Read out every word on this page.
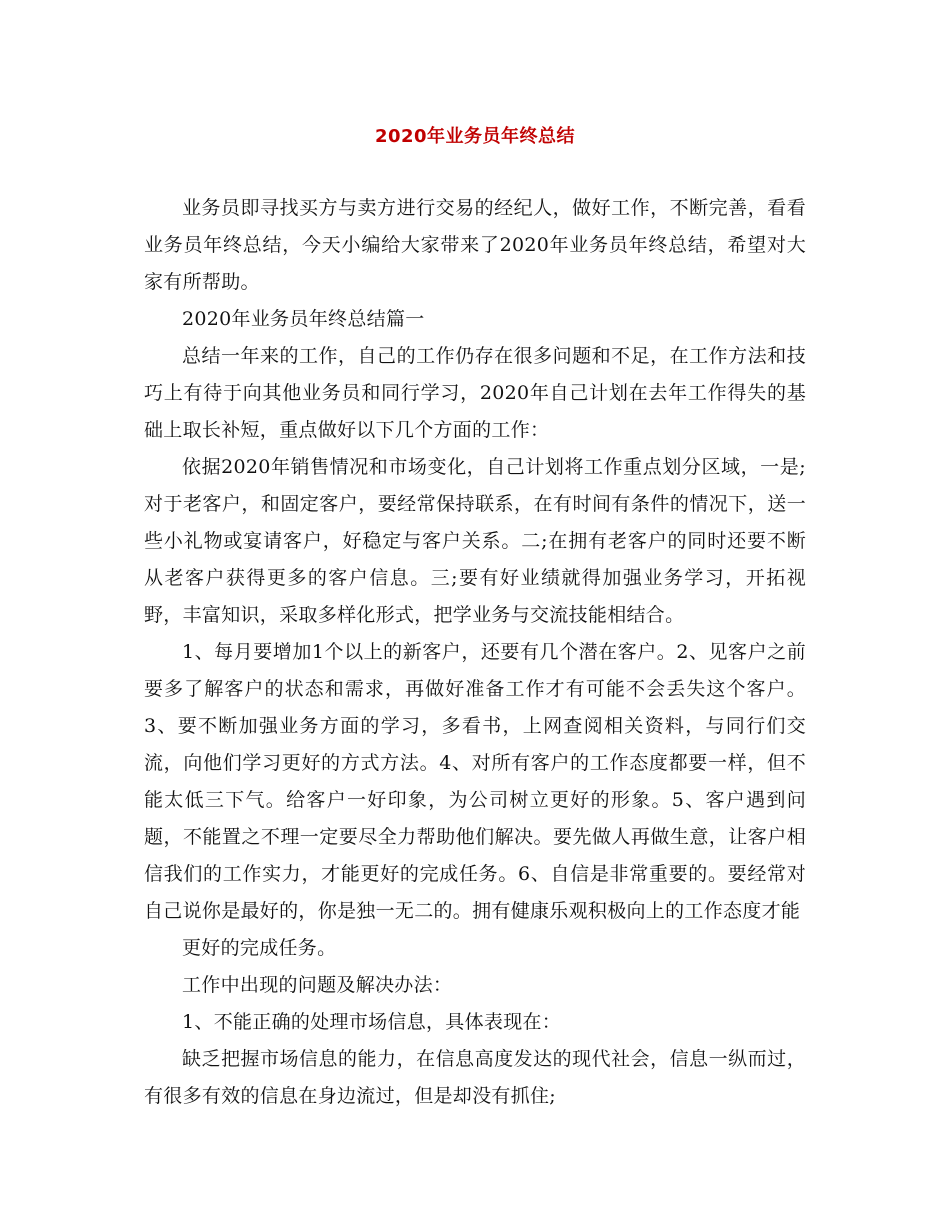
2020年业务员年终总结

业务员即寻找买方与卖方进行交易的经纪人，做好工作，不断完善，看看业务员年终总结，今天小编给大家带来了2020年业务员年终总结，希望对大家有所帮助。

2020年业务员年终总结篇一

总结一年来的工作，自己的工作仍存在很多问题和不足，在工作方法和技巧上有待于向其他业务员和同行学习，2020年自己计划在去年工作得失的基础上取长补短，重点做好以下几个方面的工作：

依据2020年销售情况和市场变化，自己计划将工作重点划分区域，一是;对于老客户，和固定客户，要经常保持联系，在有时间有条件的情况下，送一些小礼物或宴请客户，好稳定与客户关系。二;在拥有老客户的同时还要不断从老客户获得更多的客户信息。三;要有好业绩就得加强业务学习，开拓视野，丰富知识，采取多样化形式，把学业务与交流技能相结合。

1、每月要增加1个以上的新客户，还要有几个潜在客户。2、见客户之前要多了解客户的状态和需求，再做好准备工作才有可能不会丢失这个客户。3、要不断加强业务方面的学习，多看书，上网查阅相关资料，与同行们交流，向他们学习更好的方式方法。4、对所有客户的工作态度都要一样，但不能太低三下气。给客户一好印象，为公司树立更好的形象。5、客户遇到问题，不能置之不理一定要尽全力帮助他们解决。要先做人再做生意，让客户相信我们的工作实力，才能更好的完成任务。6、自信是非常重要的。要经常对自己说你是最好的，你是独一无二的。拥有健康乐观积极向上的工作态度才能

更好的完成任务。

工作中出现的问题及解决办法：

1、不能正确的处理市场信息，具体表现在：

缺乏把握市场信息的能力，在信息高度发达的现代社会，信息一纵而过，有很多有效的信息在身边流过，但是却没有抓住;
